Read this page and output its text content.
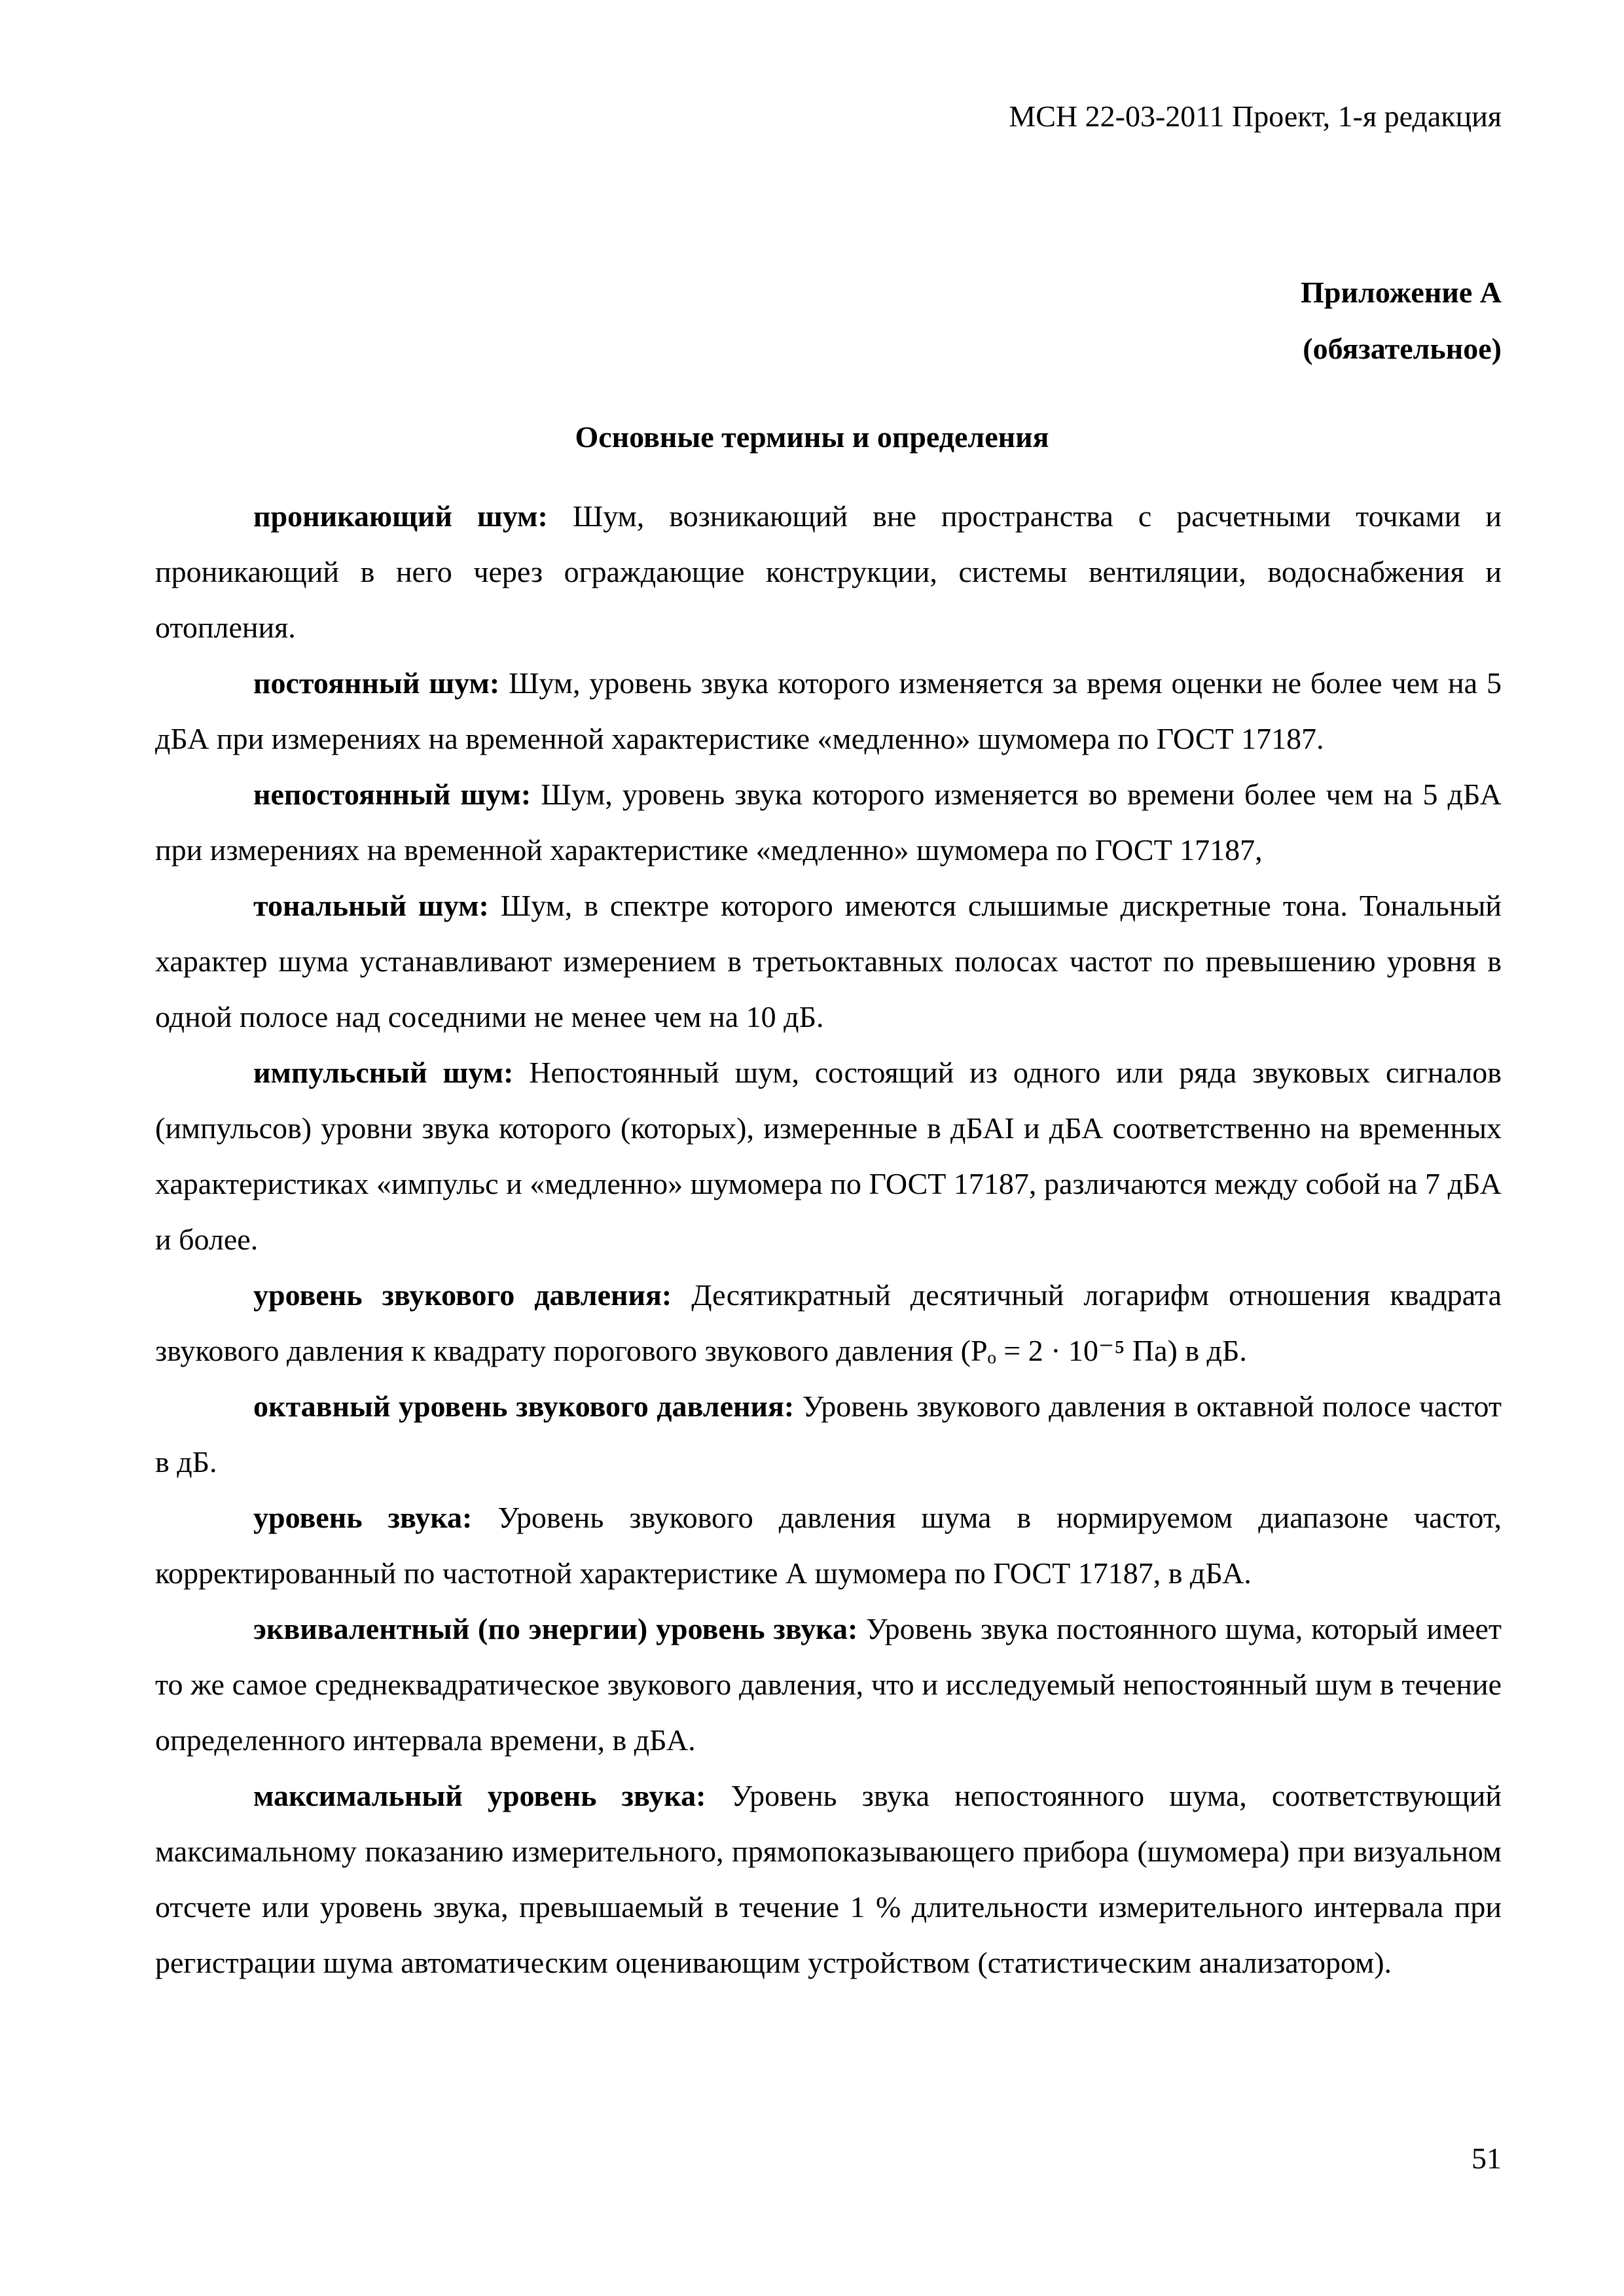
МСН 22-03-2011 Проект, 1-я редакция
Приложение А
(обязательное)
Основные термины и определения

проникающий шум: Шум, возникающий вне пространства с расчетными точками и проникающий в него через ограждающие конструкции, системы вентиляции, водоснабжения и отопления.

постоянный шум: Шум, уровень звука которого изменяется за время оценки не более чем на 5 дБА при измерениях на временной характеристике «медленно» шумомера по ГОСТ 17187.

непостоянный шум: Шум, уровень звука которого изменяется во времени более чем на 5 дБА при измерениях на временной характеристике «медленно» шумомера по ГОСТ 17187,

тональный шум: Шум, в спектре которого имеются слышимые дискретные тона. Тональный характер шума устанавливают измерением в третьоктавных полосах частот по превышению уровня в одной полосе над соседними не менее чем на 10 дБ.

импульсный шум: Непостоянный шум, состоящий из одного или ряда звуковых сигналов (импульсов) уровни звука которого (которых), измеренные в дБАI и дБА соответственно на временных характеристиках «импульс и «медленно» шумомера по ГОСТ 17187, различаются между собой на 7 дБА и более.

уровень звукового давления: Десятикратный десятичный логарифм отношения квадрата звукового давления к квадрату порогового звукового давления (Pₒ = 2 · 10⁻⁵ Па) в дБ.

октавный уровень звукового давления: Уровень звукового давления в октавной полосе частот в дБ.

уровень звука: Уровень звукового давления шума в нормируемом диапазоне частот, корректированный по частотной характеристике А шумомера по ГОСТ 17187, в дБА.

эквивалентный (по энергии) уровень звука: Уровень звука постоянного шума, который имеет то же самое среднеквадратическое звукового давления, что и исследуемый непостоянный шум в течение определенного интервала времени, в дБА.

максимальный уровень звука: Уровень звука непостоянного шума, соответствующий максимальному показанию измерительного, прямопоказывающего прибора (шумомера) при визуальном отсчете или уровень звука, превышаемый в течение 1 % длительности измерительного интервала при регистрации шума автоматическим оценивающим устройством (статистическим анализатором).

51
